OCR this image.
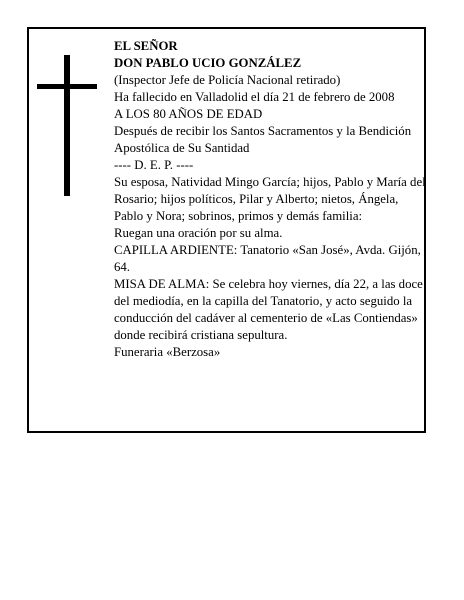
EL SEÑOR
DON PABLO UCIO GONZÁLEZ
(Inspector Jefe de Policía Nacional retirado)
Ha fallecido en Valladolid el día 21 de febrero de 2008
A LOS 80 AÑOS DE EDAD
Después de recibir los Santos Sacramentos y la Bendición Apostólica de Su Santidad
---- D. E. P. ----
Su esposa, Natividad Mingo García; hijos, Pablo y María del Rosario; hijos políticos, Pilar y Alberto; nietos, Ángela, Pablo y Nora; sobrinos, primos y demás familia:
Ruegan una oración por su alma.
CAPILLA ARDIENTE: Tanatorio «San José», Avda. Gijón, 64.
MISA DE ALMA: Se celebra hoy viernes, día 22, a las doce del mediodía, en la capilla del Tanatorio, y acto seguido la conducción del cadáver al cementerio de «Las Contiendas» donde recibirá cristiana sepultura.
Funeraria «Berzosa»
